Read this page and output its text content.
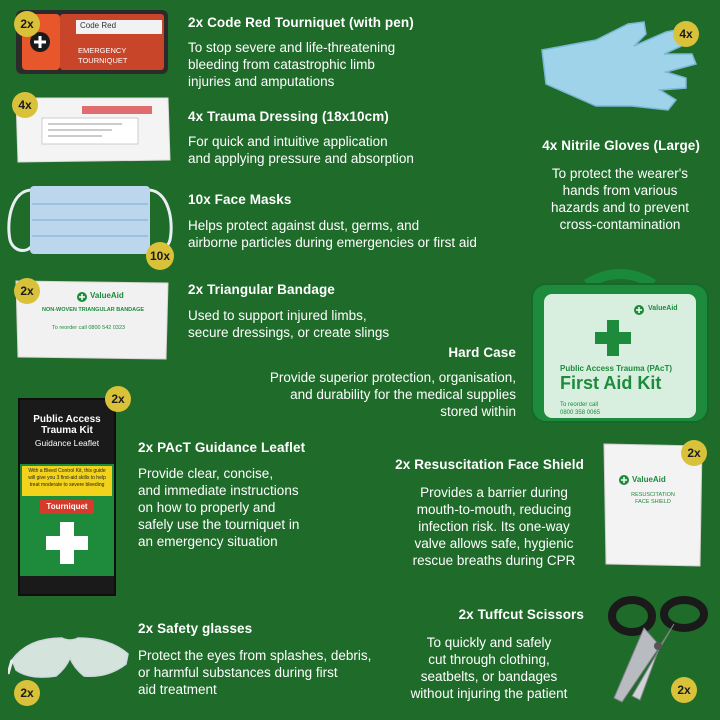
Code Red
EMERGENCY
TOURNIQUET
2x	2x Code Red Tourniquet (with pen)
To stop severe and life-threatening
bleeding from catastrophic limb
injuries and amputations
4x
4x Trauma Dressing (18x10cm)
For quick and intuitive application
and applying pressure and absorption
10x
10x Face Masks
Helps protect against dust, germs, and
airborne particles during emergencies or first aid
ValueAid
NON-WOVEN TRIANGULAR BANDAGE
To reorder call 0800 542 0323
2x	2x Triangular Bandage
Used to support injured limbs,
secure dressings, or create slings
4x
4x Nitrile Gloves (Large)
To protect the wearer's
hands from various
hazards and to prevent
cross-contamination
ValueAid
Public Access Trauma (PAcT)
First Aid Kit
To reorder call
0800 358 0065
Hard Case
Provide superior protection, organisation,
and durability for the medical supplies
stored within
Public Access
Trauma Kit
Guidance Leaflet
With a Bleed Control Kit, this guide
will give you 3 first-aid skills to help
treat moderate to severe bleeding
Tourniquet
2x
2x PAcT Guidance Leaflet
Provide clear, concise,
and immediate instructions
on how to properly and
safely use the tourniquet in
an emergency situation
ValueAid
RESUSCITATION
FACE SHIELD
2x
2x Resuscitation Face Shield
Provides a barrier during
mouth-to-mouth, reducing
infection risk. Its one-way
valve allows safe, hygienic
rescue breaths during CPR
2x
2x Safety glasses
Protect the eyes from splashes, debris,
or harmful substances during first
aid treatment	2x
2x Tuffcut Scissors
To quickly and safely
cut through clothing,
seatbelts, or bandages
without injuring the patient
